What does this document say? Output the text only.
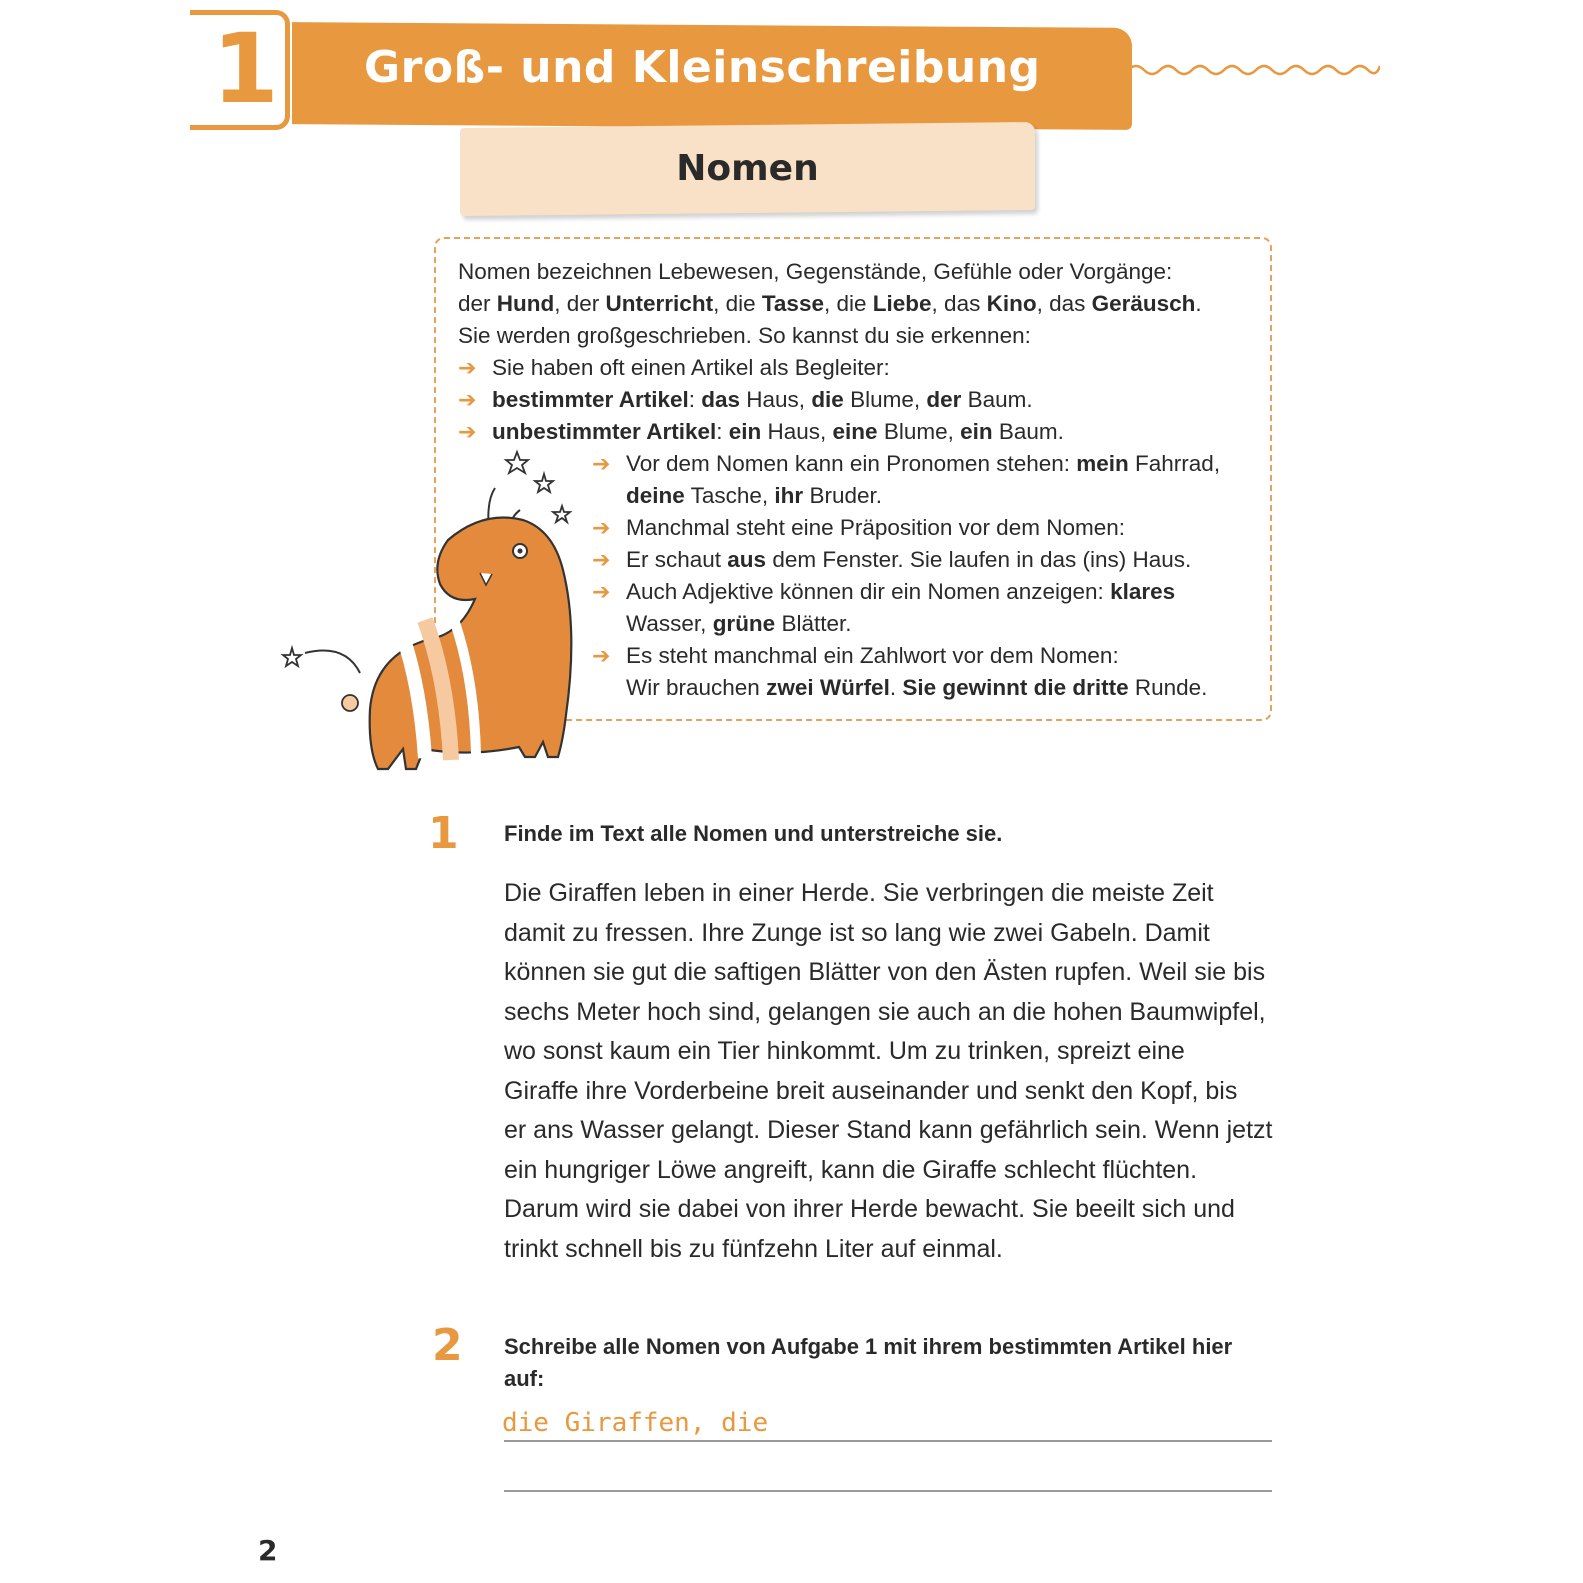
1 Groß- und Kleinschreibung
Nomen
Nomen bezeichnen Lebewesen, Gegenstände, Gefühle oder Vorgänge:
der Hund, der Unterricht, die Tasse, die Liebe, das Kino, das Geräusch.
Sie werden großgeschrieben. So kannst du sie erkennen:
➔ Sie haben oft einen Artikel als Begleiter:
➔ bestimmter Artikel: das Haus, die Blume, der Baum.
➔ unbestimmter Artikel: ein Haus, eine Blume, ein Baum.
➔ Vor dem Nomen kann ein Pronomen stehen: mein Fahrrad,
deine Tasche, ihr Bruder.
➔ Manchmal steht eine Präposition vor dem Nomen:
➔ Er schaut aus dem Fenster. Sie laufen in das (ins) Haus.
➔ Auch Adjektive können dir ein Nomen anzeigen: klares
Wasser, grüne Blätter.
➔ Es steht manchmal ein Zahlwort vor dem Nomen:
Wir brauchen zwei Würfel. Sie gewinnt die dritte Runde.
1 Finde im Text alle Nomen und unterstreiche sie.
Die Giraffen leben in einer Herde. Sie verbringen die meiste Zeit
damit zu fressen. Ihre Zunge ist so lang wie zwei Gabeln. Damit
können sie gut die saftigen Blätter von den Ästen rupfen. Weil sie bis
sechs Meter hoch sind, gelangen sie auch an die hohen Baumwipfel,
wo sonst kaum ein Tier hinkommt. Um zu trinken, spreizt eine
Giraffe ihre Vorderbeine breit auseinander und senkt den Kopf, bis
er ans Wasser gelangt. Dieser Stand kann gefährlich sein. Wenn jetzt
ein hungriger Löwe angreift, kann die Giraffe schlecht flüchten.
Darum wird sie dabei von ihrer Herde bewacht. Sie beeilt sich und
trinkt schnell bis zu fünfzehn Liter auf einmal.
2 Schreibe alle Nomen von Aufgabe 1 mit ihrem bestimmten Artikel hier
auf:
die Giraffen, die
2
